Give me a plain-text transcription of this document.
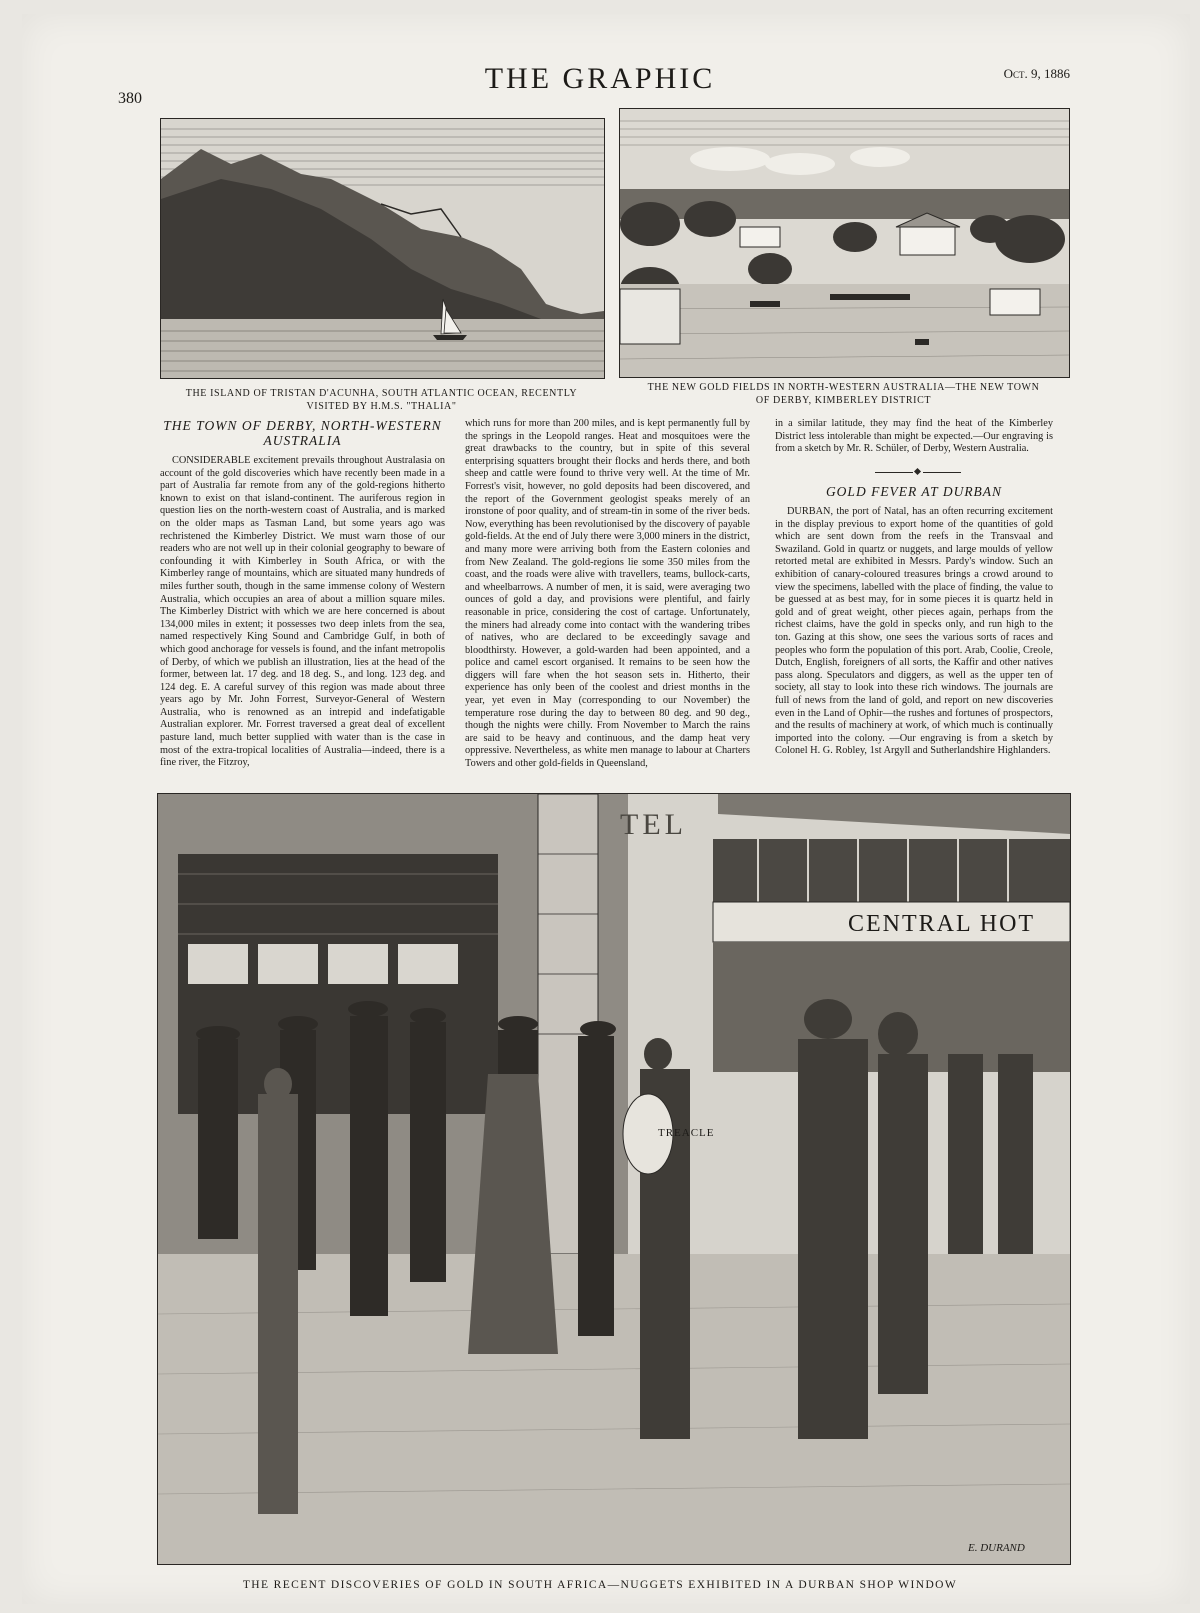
THE GRAPHIC
380
Oct. 9, 1886
THE ISLAND OF TRISTAN D'ACUNHA, SOUTH ATLANTIC OCEAN, RECENTLY
VISITED BY H.M.S. "THALIA"
THE NEW GOLD FIELDS IN NORTH-WESTERN AUSTRALIA—THE NEW TOWN
OF DERBY, KIMBERLEY DISTRICT
THE TOWN OF DERBY, NORTH-WESTERN
AUSTRALIA

CONSIDERABLE excitement prevails throughout Australasia on account of the gold discoveries which have recently been made in a part of Australia far remote from any of the gold-regions hitherto known to exist on that island-continent. The auriferous region in question lies on the north-western coast of Australia, and is marked on the older maps as Tasman Land, but some years ago was rechristened the Kimberley District. We must warn those of our readers who are not well up in their colonial geography to beware of confounding it with Kimberley in South Africa, or with the Kimberley range of mountains, which are situated many hundreds of miles further south, though in the same immense colony of Western Australia, which occupies an area of about a million square miles. The Kimberley District with which we are here concerned is about 134,000 miles in extent; it possesses two deep inlets from the sea, named respectively King Sound and Cambridge Gulf, in both of which good anchorage for vessels is found, and the infant metropolis of Derby, of which we publish an illustration, lies at the head of the former, between lat. 17 deg. and 18 deg. S., and long. 123 deg. and 124 deg. E. A careful survey of this region was made about three years ago by Mr. John Forrest, Surveyor-General of Western Australia, who is renowned as an intrepid and indefatigable Australian explorer. Mr. Forrest traversed a great deal of excellent pasture land, much better supplied with water than is the case in most of the extra-tropical localities of Australia—indeed, there is a fine river, the Fitzroy,

which runs for more than 200 miles, and is kept permanently full by the springs in the Leopold ranges. Heat and mosquitoes were the great drawbacks to the country, but in spite of this several enterprising squatters brought their flocks and herds there, and both sheep and cattle were found to thrive very well. At the time of Mr. Forrest's visit, however, no gold deposits had been discovered, and the report of the Government geologist speaks merely of an ironstone of poor quality, and of stream-tin in some of the river beds. Now, everything has been revolutionised by the discovery of payable gold-fields. At the end of July there were 3,000 miners in the district, and many more were arriving both from the Eastern colonies and from New Zealand. The gold-regions lie some 350 miles from the coast, and the roads were alive with travellers, teams, bullock-carts, and wheelbarrows. A number of men, it is said, were averaging two ounces of gold a day, and provisions were plentiful, and fairly reasonable in price, considering the cost of cartage. Unfortunately, the miners had already come into contact with the wandering tribes of natives, who are declared to be exceedingly savage and bloodthirsty. However, a gold-warden had been appointed, and a police and camel escort organised. It remains to be seen how the diggers will fare when the hot season sets in. Hitherto, their experience has only been of the coolest and driest months in the year, yet even in May (corresponding to our November) the temperature rose during the day to between 80 deg. and 90 deg., though the nights were chilly. From November to March the rains are said to be heavy and continuous, and the damp heat very oppressive. Nevertheless, as white men manage to labour at Charters Towers and other gold-fields in Queensland,

in a similar latitude, they may find the heat of the Kimberley District less intolerable than might be expected.—Our engraving is from a sketch by Mr. R. Schüler, of Derby, Western Australia.

GOLD FEVER AT DURBAN

DURBAN, the port of Natal, has an often recurring excitement in the display previous to export home of the quantities of gold which are sent down from the reefs in the Transvaal and Swaziland. Gold in quartz or nuggets, and large moulds of yellow retorted metal are exhibited in Messrs. Pardy's window. Such an exhibition of canary-coloured treasures brings a crowd around to view the specimens, labelled with the place of finding, the value to be guessed at as best may, for in some pieces it is quartz held in gold and of great weight, other pieces again, perhaps from the richest claims, have the gold in specks only, and run high to the ton. Gazing at this show, one sees the various sorts of races and peoples who form the population of this port. Arab, Coolie, Creole, Dutch, English, foreigners of all sorts, the Kaffir and other natives pass along. Speculators and diggers, as well as the upper ten of society, all stay to look into these rich windows. The journals are full of news from the land of gold, and report on new discoveries even in the Land of Ophir—the rushes and fortunes of prospectors, and the results of machinery at work, of which much is continually imported into the colony. —Our engraving is from a sketch by Colonel H. G. Robley, 1st Argyll and Sutherlandshire Highlanders.

CENTRAL HOT
TEL
TREACLE
E. DURAND
THE RECENT DISCOVERIES OF GOLD IN SOUTH AFRICA—NUGGETS EXHIBITED IN A DURBAN SHOP WINDOW
